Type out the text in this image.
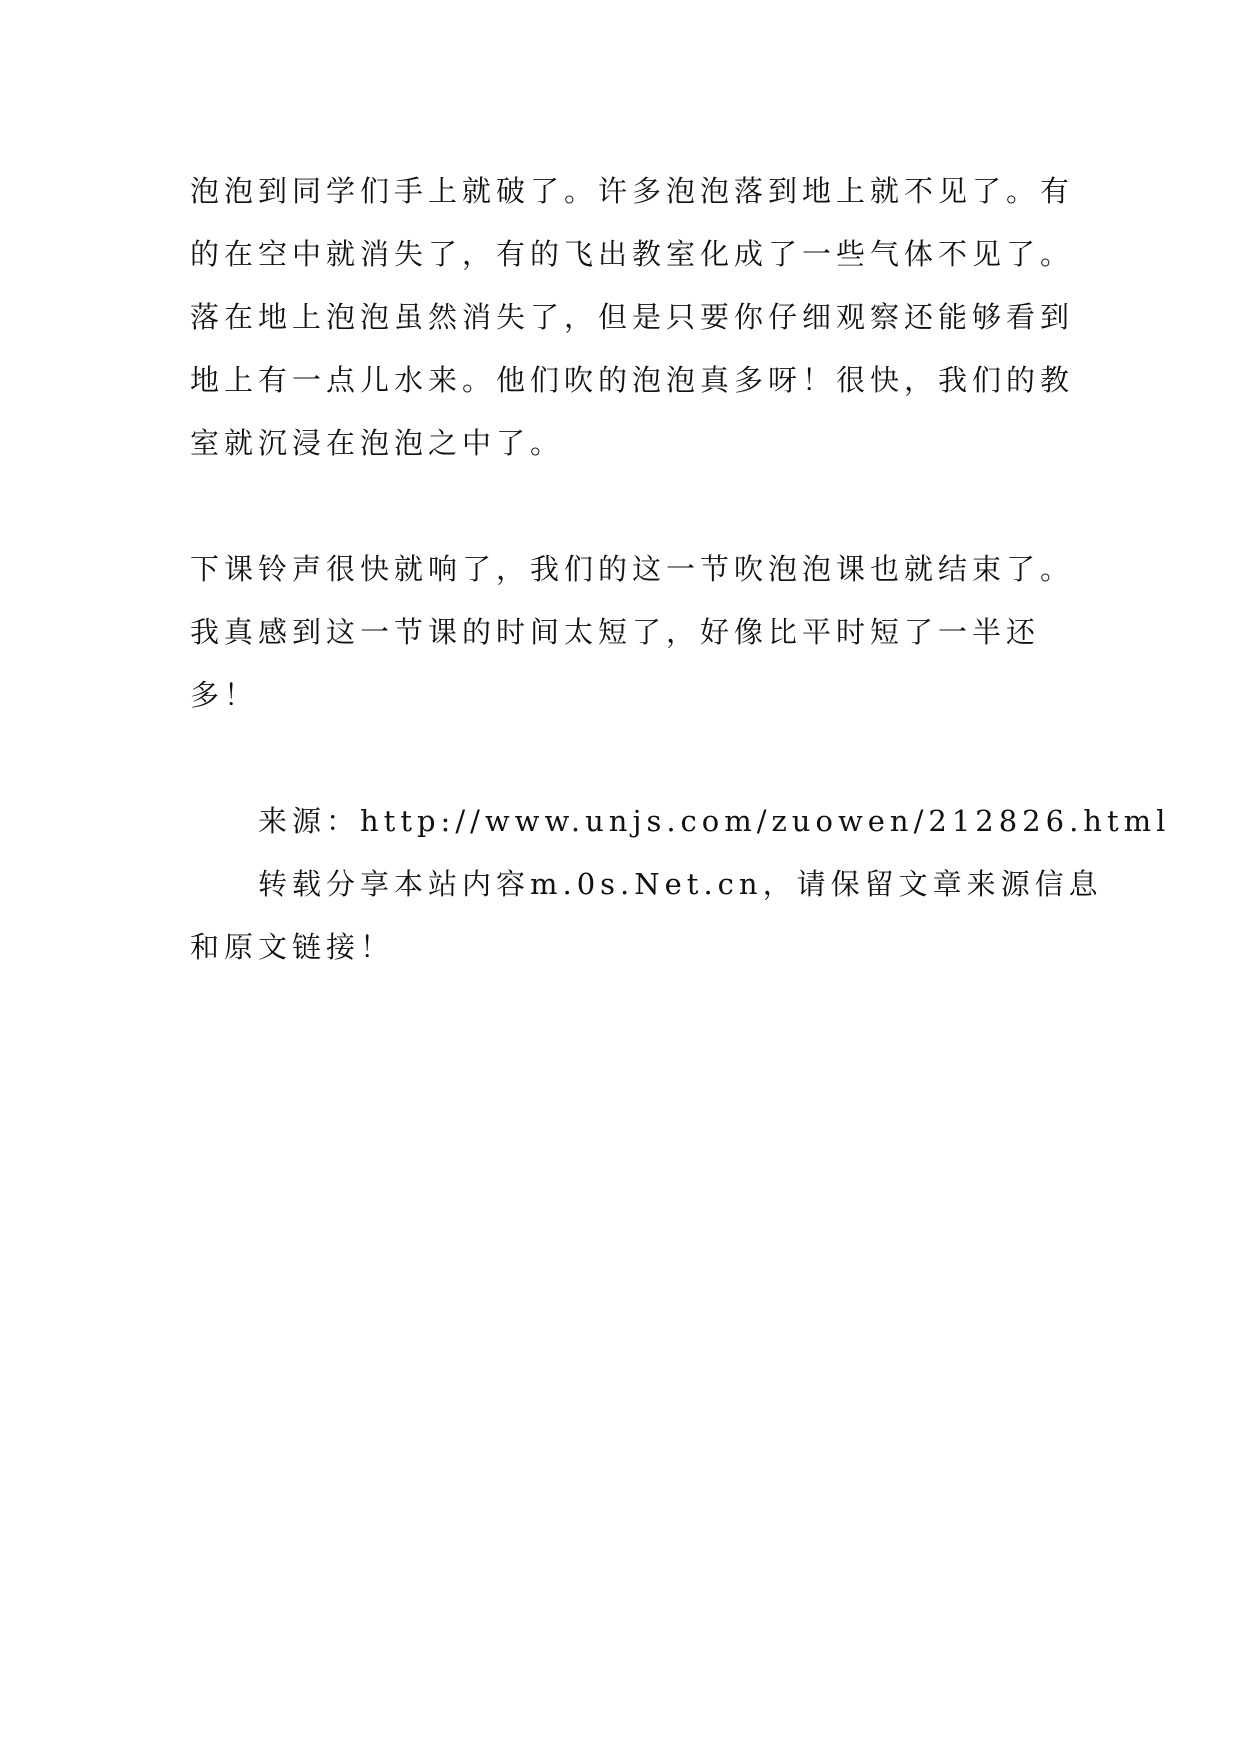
泡泡到同学们手上就破了。许多泡泡落到地上就不见了。有
的在空中就消失了，有的飞出教室化成了一些气体不见了。
落在地上泡泡虽然消失了，但是只要你仔细观察还能够看到
地上有一点儿水来。他们吹的泡泡真多呀！很快，我们的教
室就沉浸在泡泡之中了。

下课铃声很快就响了，我们的这一节吹泡泡课也就结束了。
我真感到这一节课的时间太短了，好像比平时短了一半还
多！

来源：http://www.unjs.com/zuowen/212826.html

转载分享本站内容m.0s.Net.cn，请保留文章来源信息
和原文链接！
